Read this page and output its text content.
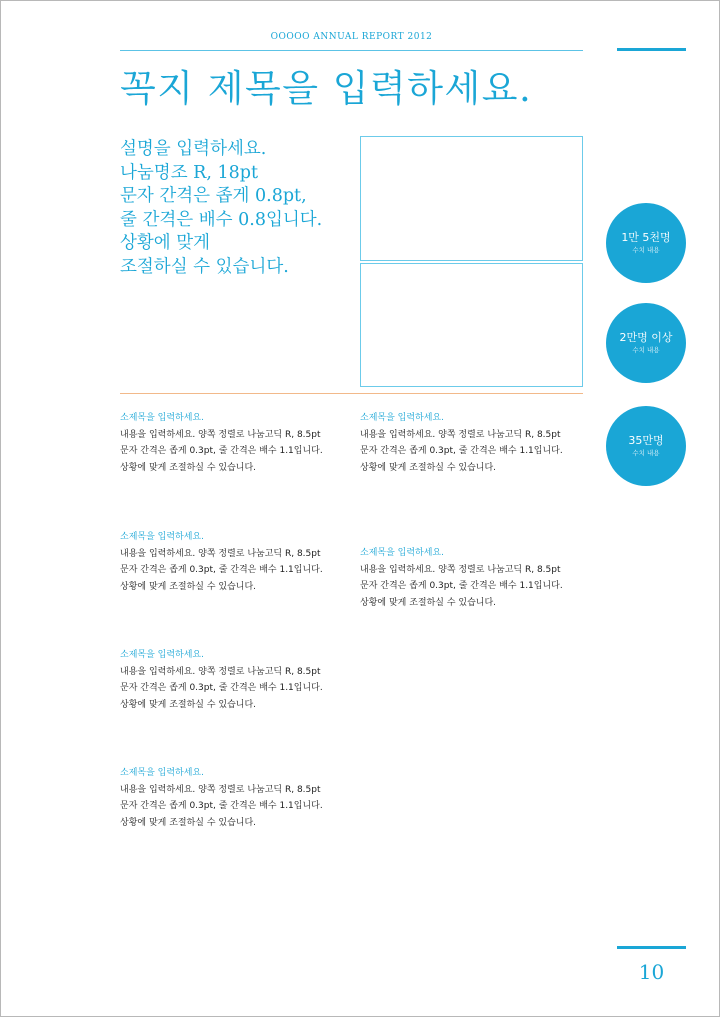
OOOOO ANNUAL REPORT 2012
꼭지 제목을 입력하세요.
설명을 입력하세요.
나눔명조 R, 18pt
문자 간격은 좁게 0.8pt,
줄 간격은 배수 0.8입니다.
상황에 맞게
조절하실 수 있습니다.
1만 5천명
수치 내용
2만명 이상
수치 내용
35만명
수치 내용
소제목을 입력하세요.
내용을 입력하세요. 양쪽 정렬로 나눔고딕 R, 8.5pt
문자 간격은 좁게 0.3pt, 줄 간격은 배수 1.1입니다.
상황에 맞게 조절하실 수 있습니다.
소제목을 입력하세요.
내용을 입력하세요. 양쪽 정렬로 나눔고딕 R, 8.5pt
문자 간격은 좁게 0.3pt, 줄 간격은 배수 1.1입니다.
상황에 맞게 조절하실 수 있습니다.
소제목을 입력하세요.
내용을 입력하세요. 양쪽 정렬로 나눔고딕 R, 8.5pt
문자 간격은 좁게 0.3pt, 줄 간격은 배수 1.1입니다.
상황에 맞게 조절하실 수 있습니다.
소제목을 입력하세요.
내용을 입력하세요. 양쪽 정렬로 나눔고딕 R, 8.5pt
문자 간격은 좁게 0.3pt, 줄 간격은 배수 1.1입니다.
상황에 맞게 조절하실 수 있습니다.
소제목을 입력하세요.
내용을 입력하세요. 양쪽 정렬로 나눔고딕 R, 8.5pt
문자 간격은 좁게 0.3pt, 줄 간격은 배수 1.1입니다.
상황에 맞게 조절하실 수 있습니다.
소제목을 입력하세요.
내용을 입력하세요. 양쪽 정렬로 나눔고딕 R, 8.5pt
문자 간격은 좁게 0.3pt, 줄 간격은 배수 1.1입니다.
상황에 맞게 조절하실 수 있습니다.
10
